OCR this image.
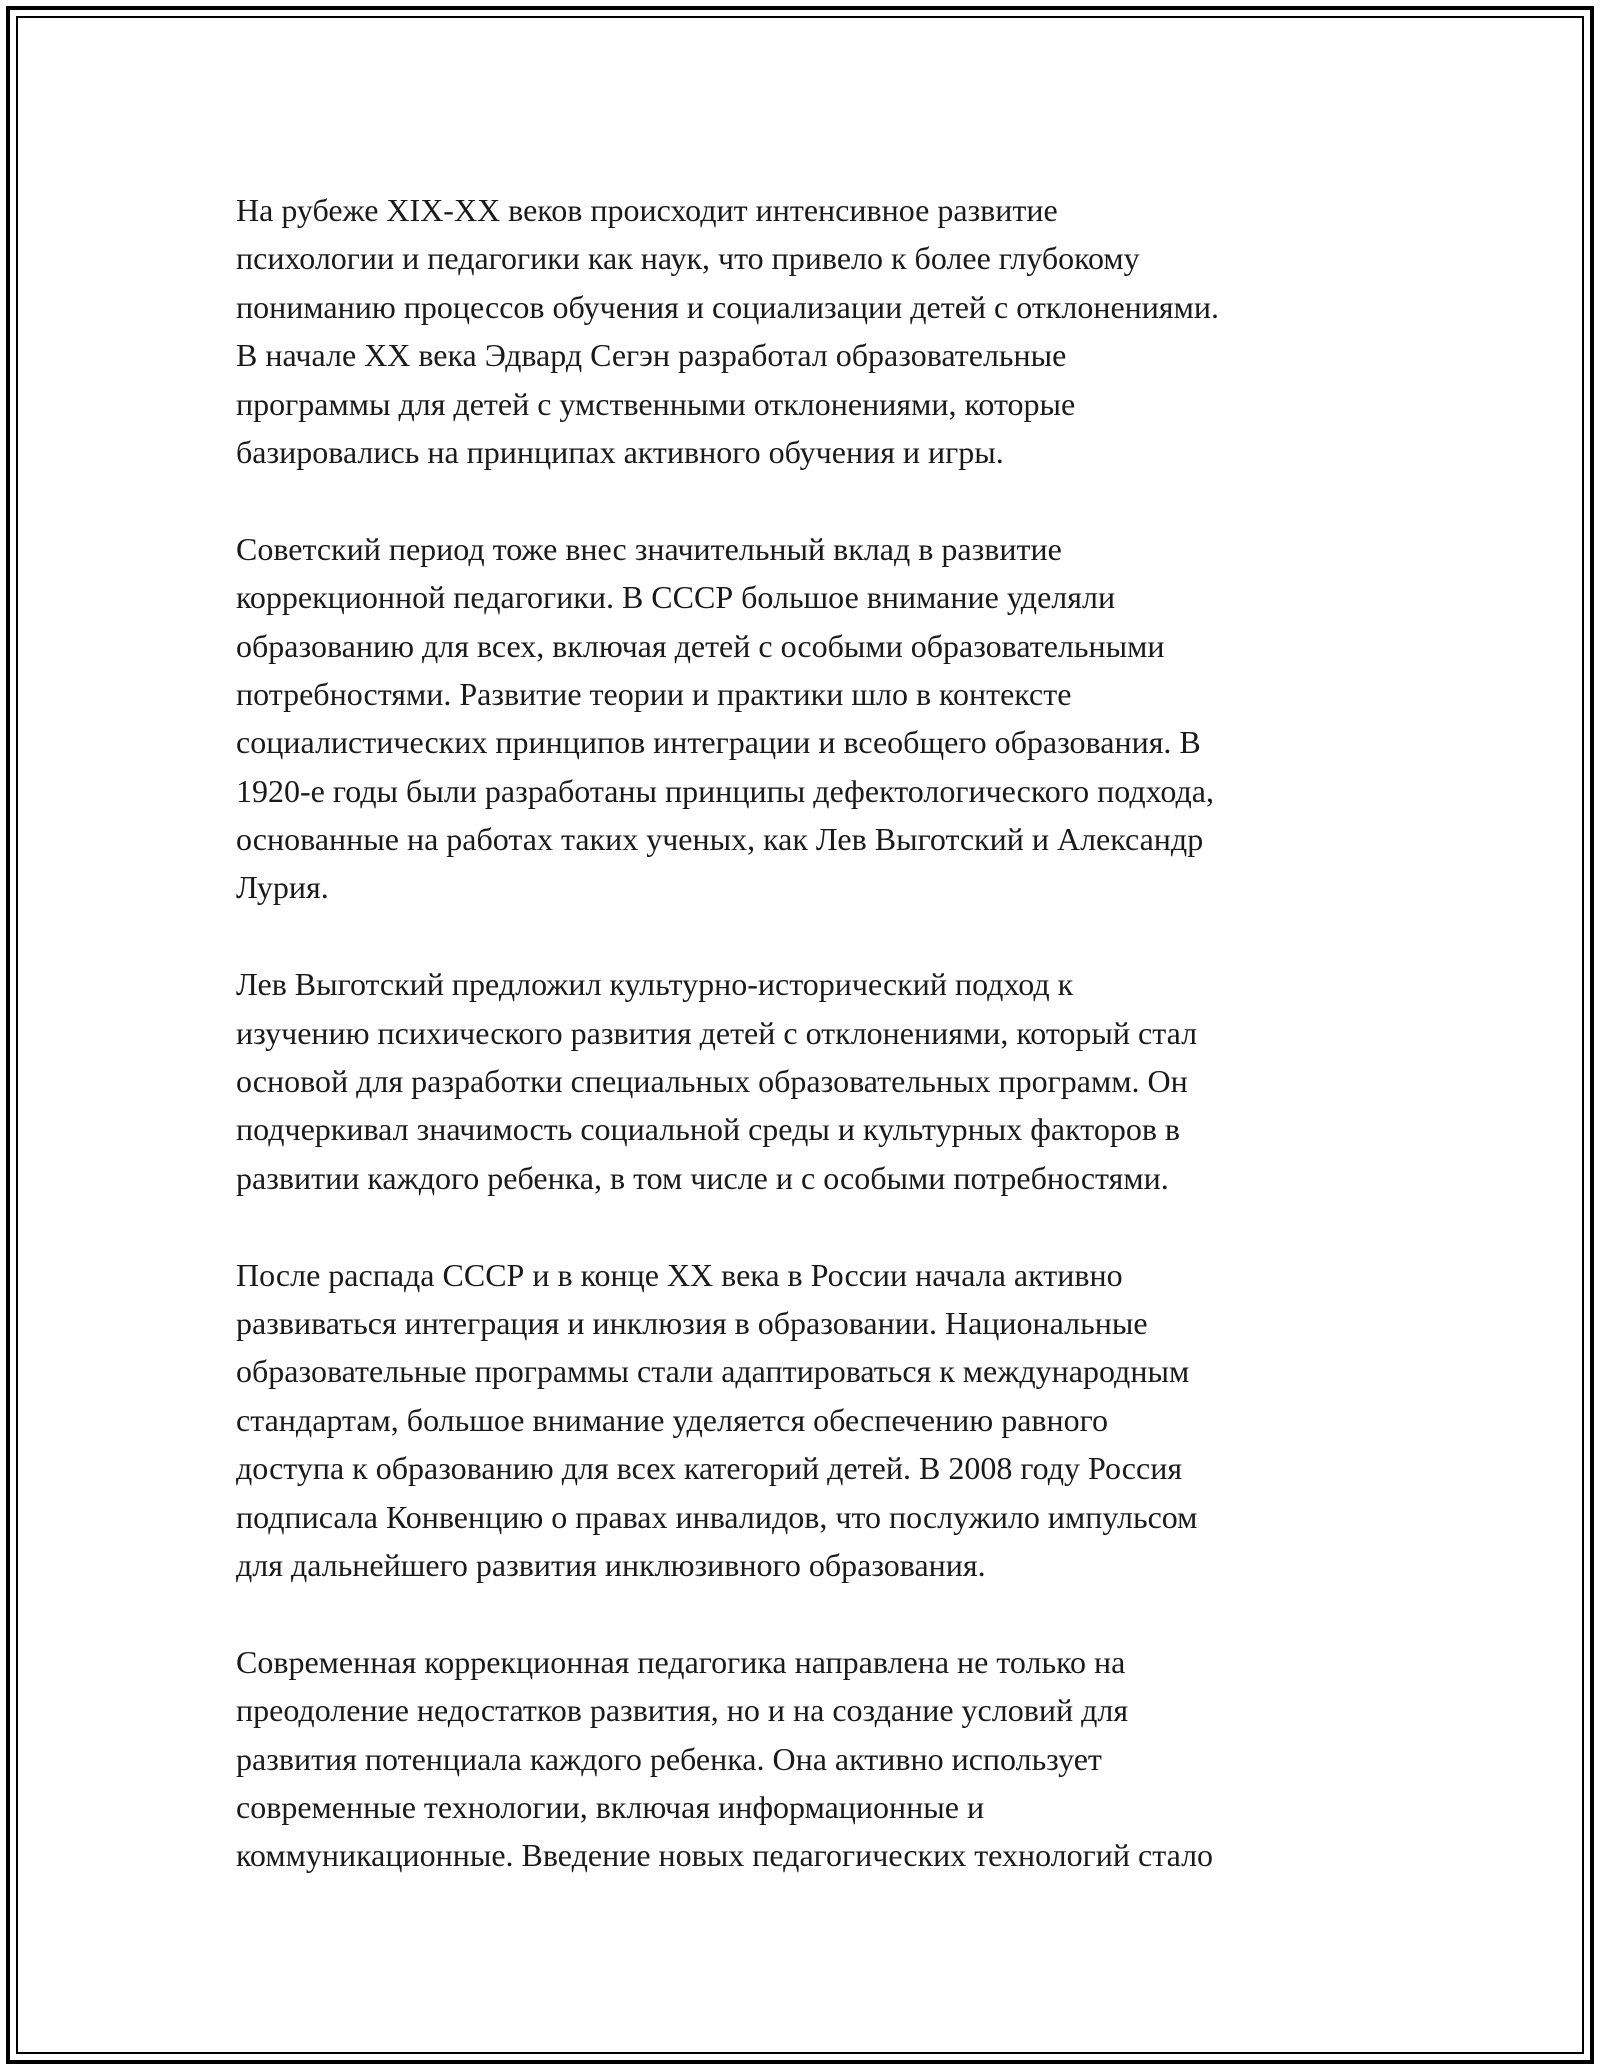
На рубеже XIX-XX веков происходит интенсивное развитие
психологии и педагогики как наук, что привело к более глубокому
пониманию процессов обучения и социализации детей с отклонениями.
В начале XX века Эдвард Сегэн разработал образовательные
программы для детей с умственными отклонениями, которые
базировались на принципах активного обучения и игры.
Советский период тоже внес значительный вклад в развитие
коррекционной педагогики. В СССР большое внимание уделяли
образованию для всех, включая детей с особыми образовательными
потребностями. Развитие теории и практики шло в контексте
социалистических принципов интеграции и всеобщего образования. В
1920-е годы были разработаны принципы дефектологического подхода,
основанные на работах таких ученых, как Лев Выготский и Александр
Лурия.
Лев Выготский предложил культурно-исторический подход к
изучению психического развития детей с отклонениями, который стал
основой для разработки специальных образовательных программ. Он
подчеркивал значимость социальной среды и культурных факторов в
развитии каждого ребенка, в том числе и с особыми потребностями.
После распада СССР и в конце XX века в России начала активно
развиваться интеграция и инклюзия в образовании. Национальные
образовательные программы стали адаптироваться к международным
стандартам, большое внимание уделяется обеспечению равного
доступа к образованию для всех категорий детей. В 2008 году Россия
подписала Конвенцию о правах инвалидов, что послужило импульсом
для дальнейшего развития инклюзивного образования.
Современная коррекционная педагогика направлена не только на
преодоление недостатков развития, но и на создание условий для
развития потенциала каждого ребенка. Она активно использует
современные технологии, включая информационные и
коммуникационные. Введение новых педагогических технологий стало
